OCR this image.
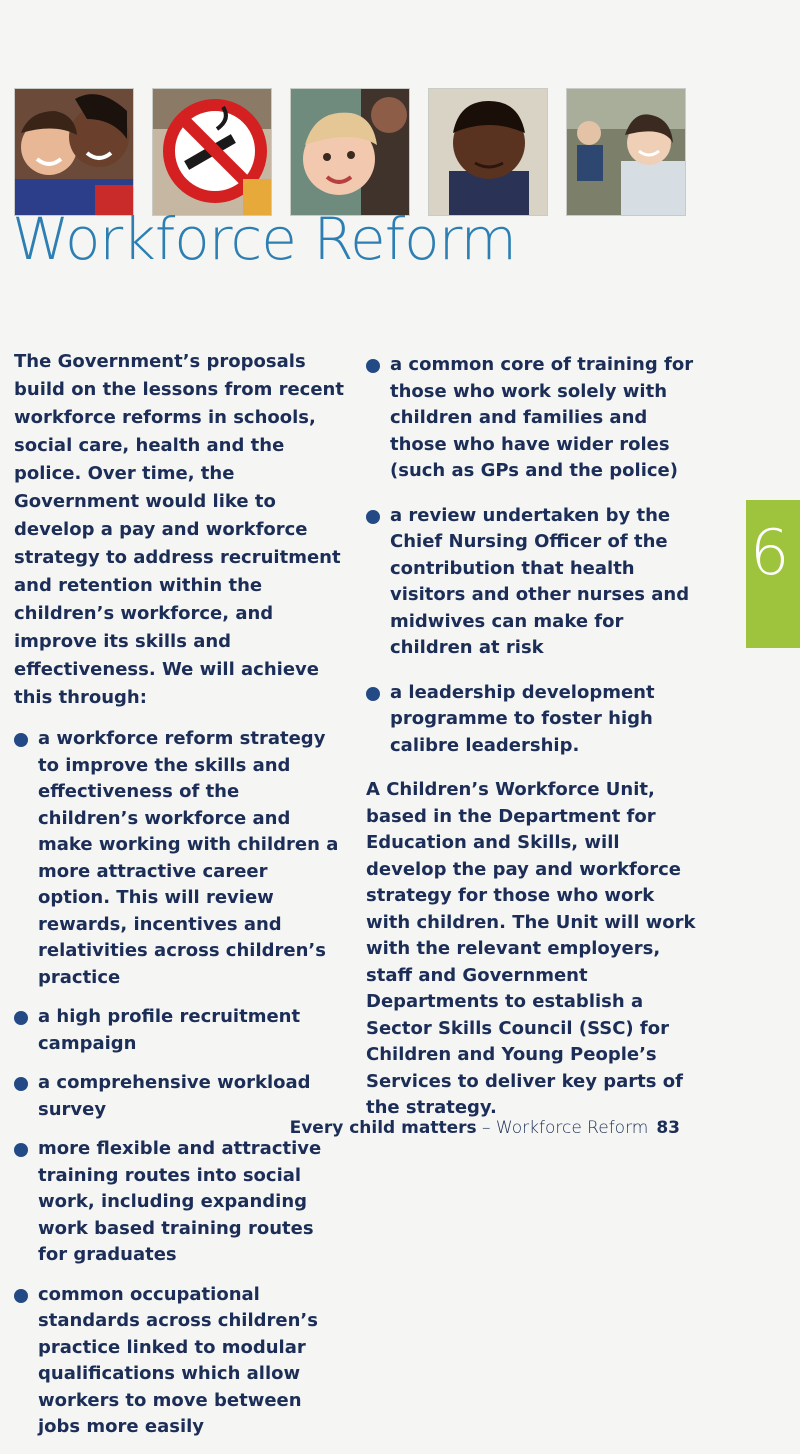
Workforce Reform

The Government’s proposals build on the lessons from recent workforce reforms in schools, social care, health and the police. Over time, the Government would like to develop a pay and workforce strategy to address recruitment and retention within the children’s workforce, and improve its skills and effectiveness. We will achieve this through:

a workforce reform strategy to improve the skills and effectiveness of the children’s workforce and make working with children a more attractive career option. This will review rewards, incentives and relativities across children’s practice
a high profile recruitment campaign
a comprehensive workload survey
more flexible and attractive training routes into social work, including expanding work based training routes for graduates
common occupational standards across children’s practice linked to modular qualifications which allow workers to move between jobs more easily
a common core of training for those who work solely with children and families and those who have wider roles (such as GPs and the police)
a review undertaken by the Chief Nursing Officer of the contribution that health visitors and other nurses and midwives can make for children at risk
a leadership development programme to foster high calibre leadership.

A Children’s Workforce Unit, based in the Department for Education and Skills, will develop the pay and workforce strategy for those who work with children. The Unit will work with the relevant employers, staff and Government Departments to establish a Sector Skills Council (SSC) for Children and Young People’s Services to deliver key parts of the strategy.

6
Every child matters – Workforce Reform 83
